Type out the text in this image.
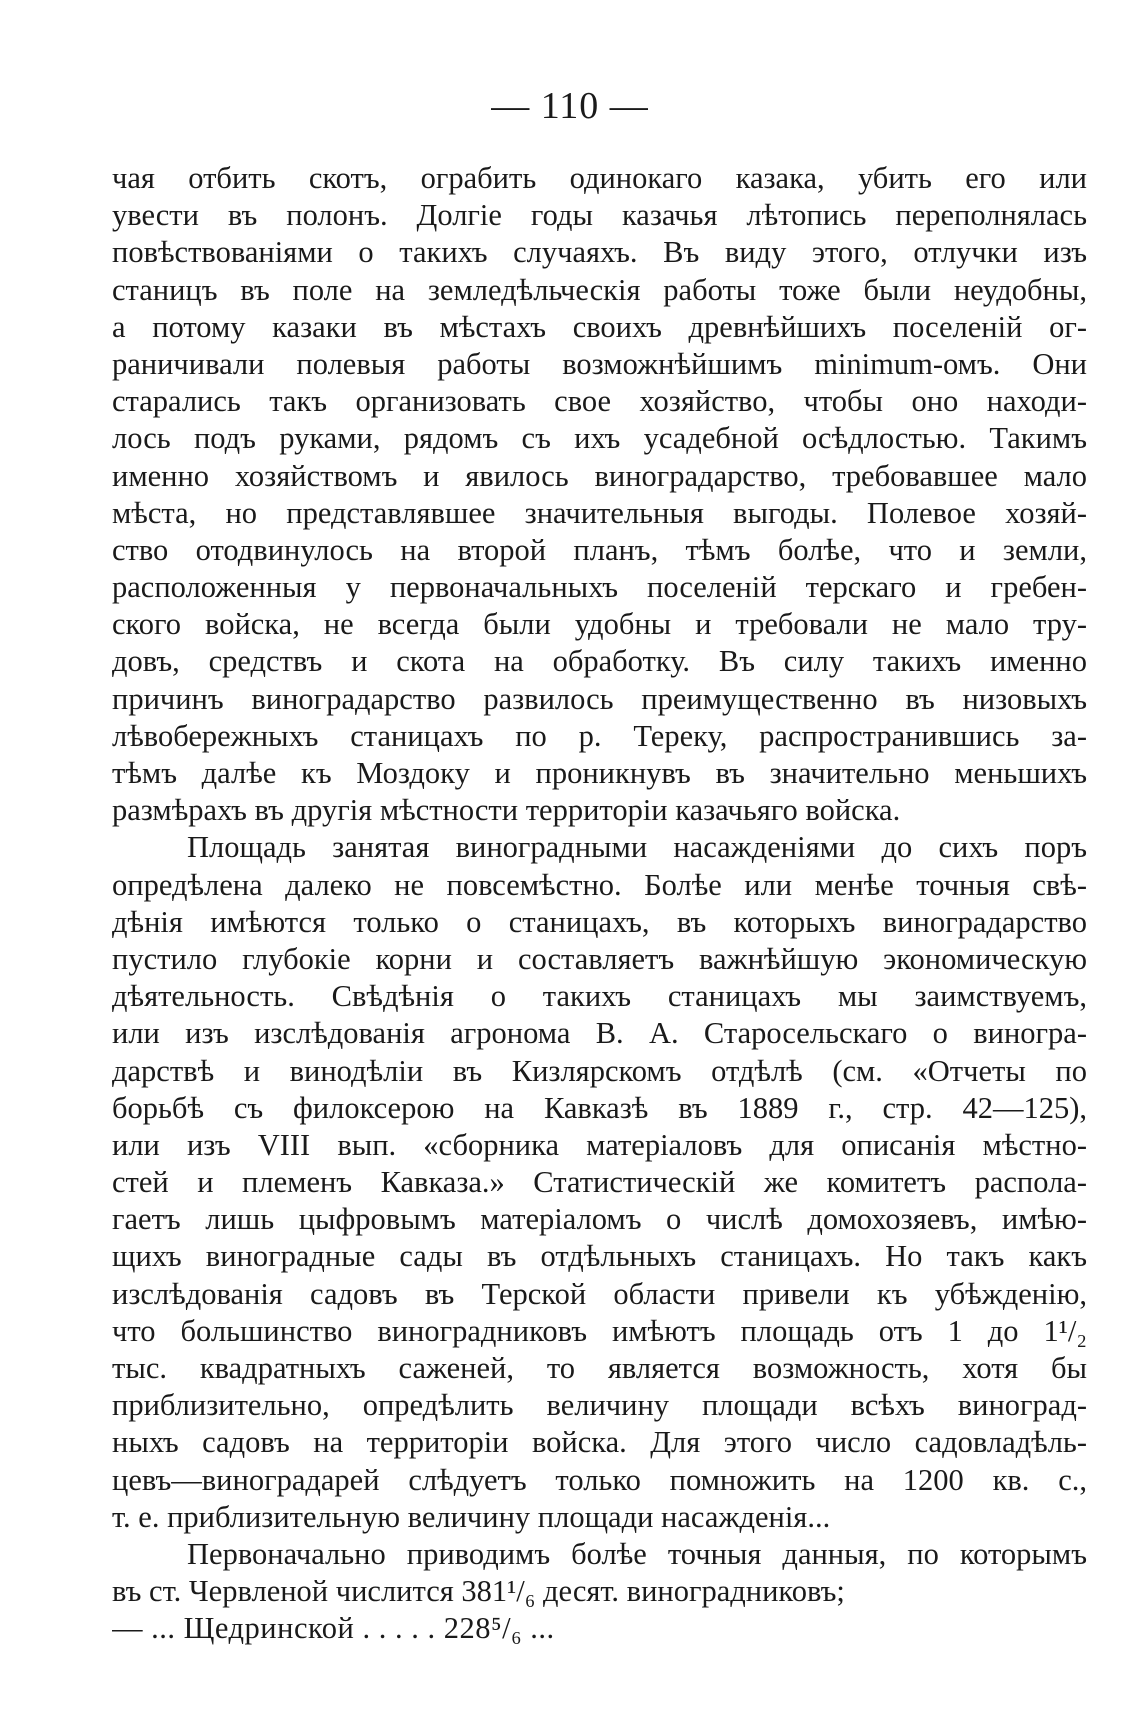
— 110 —
чая отбить скотъ, ограбить одинокаго казака, убить его или
увести въ полонъ. Долгіе годы казачья лѣтопись переполнялась
повѣствованіями о такихъ случаяхъ. Въ виду этого, отлучки изъ
станицъ въ поле на земледѣльческія работы тоже были неудобны,
а потому казаки въ мѣстахъ своихъ древнѣйшихъ поселеній ог-
раничивали полевыя работы возможнѣйшимъ minimum-омъ. Они
старались такъ организовать свое хозяйство, чтобы оно находи-
лось подъ руками, рядомъ съ ихъ усадебной осѣдлостью. Такимъ
именно хозяйствомъ и явилось виноградарство, требовавшее мало
мѣста, но представлявшее значительныя выгоды. Полевое хозяй-
ство отодвинулось на второй планъ, тѣмъ болѣе, что и земли,
расположенныя у первоначальныхъ поселеній терскаго и гребен-
ского войска, не всегда были удобны и требовали не мало тру-
довъ, средствъ и скота на обработку. Въ силу такихъ именно
причинъ виноградарство развилось преимущественно въ низовыхъ
лѣвобережныхъ станицахъ по р. Тереку, распространившись за-
тѣмъ далѣе къ Моздоку и проникнувъ въ значительно меньшихъ
размѣрахъ въ другія мѣстности территоріи казачьяго войска.
Площадь занятая виноградными насажденіями до сихъ поръ
опредѣлена далеко не повсемѣстно. Болѣе или менѣе точныя свѣ-
дѣнія имѣются только о станицахъ, въ которыхъ виноградарство
пустило глубокіе корни и составляетъ важнѣйшую экономическую
дѣятельность. Свѣдѣнія о такихъ станицахъ мы заимствуемъ,
или изъ изслѣдованія агронома В. А. Старосельскаго о виногра-
дарствѣ и винодѣліи въ Кизлярскомъ отдѣлѣ (см. «Отчеты по
борьбѣ съ филоксерою на Кавказѣ въ 1889 г., стр. 42—125),
или изъ VIII вып. «сборника матеріаловъ для описанія мѣстно-
стей и племенъ Кавказа.» Статистическій же комитетъ распола-
гаетъ лишь цыфровымъ матеріаломъ о числѣ домохозяевъ, имѣю-
щихъ виноградные сады въ отдѣльныхъ станицахъ. Но такъ какъ
изслѣдованія садовъ въ Терской области привели къ убѣжденію,
что большинство виноградниковъ имѣютъ площадь отъ 1 до 1¹/₂
тыс. квадратныхъ саженей, то является возможность, хотя бы
приблизительно, опредѣлить величину площади всѣхъ виноград-
ныхъ садовъ на территоріи войска. Для этого число садовладѣль-
цевъ—виноградарей слѣдуетъ только помножить на 1200 кв. с.,
т. е. приблизительную величину площади насажденія...
Первоначально приводимъ болѣе точныя данныя, по которымъ
въ ст. Червленой числится 381¹/₆ десят. виноградниковъ;
— ... Щедринской . . . . . 228⁵/₆ ...
